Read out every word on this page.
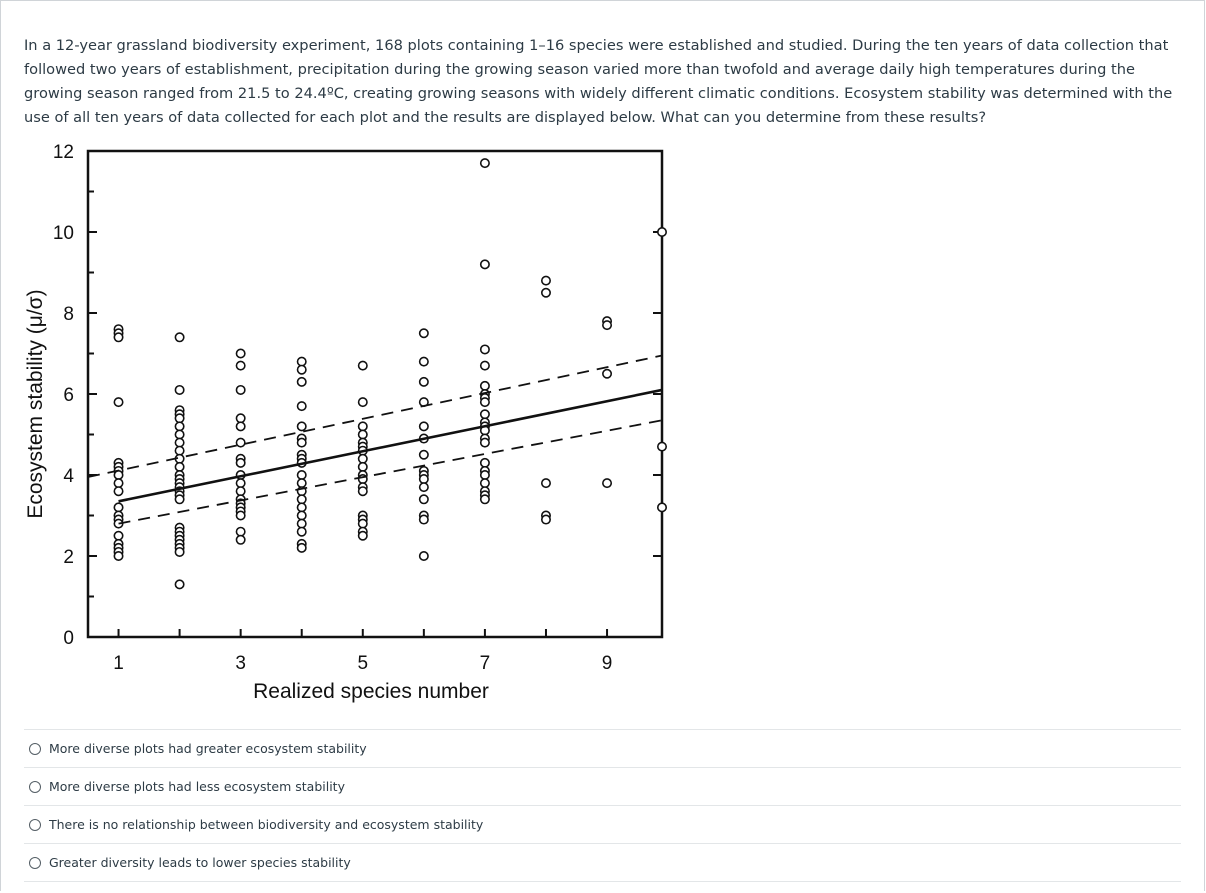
In a 12-year grassland biodiversity experiment, 168 plots containing 1–16 species were established and studied. During the ten years of data collection that followed two years of establishment, precipitation during the growing season varied more than twofold and average daily high temperatures during the growing season ranged from 21.5 to 24.4ºC, creating growing seasons with widely different climatic conditions. Ecosystem stability was determined with the use of all ten years of data collected for each plot and the results are displayed below. What can you determine from these results?
0
2
4
6
8
10
12
1	3	5	7	9
Realized species number
Ecosystem stability (μ/σ)
More diverse plots had greater ecosystem stability
More diverse plots had less ecosystem stability
There is no relationship between biodiversity and ecosystem stability
Greater diversity leads to lower species stability
